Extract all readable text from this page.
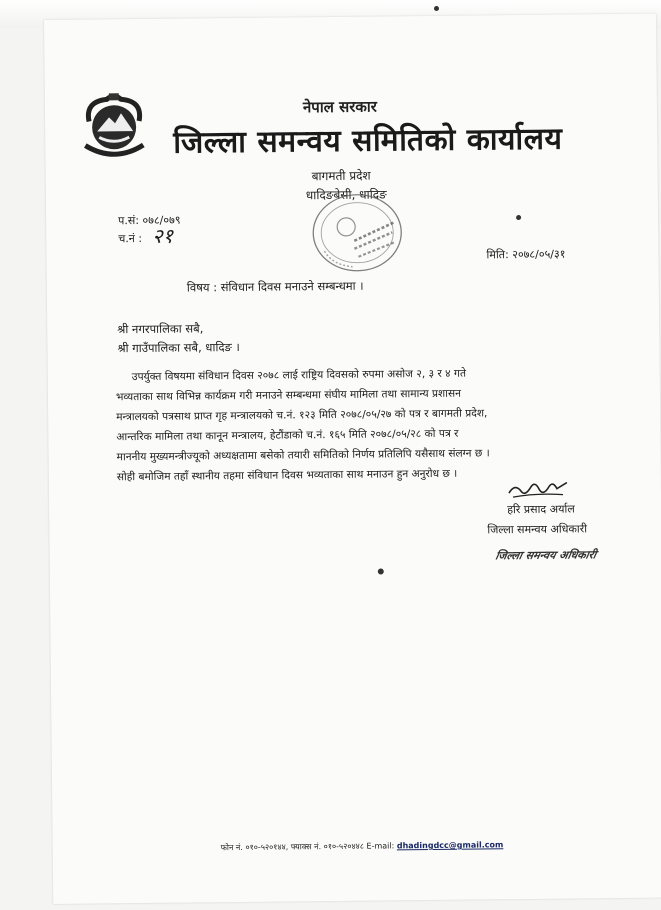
नेपाल सरकार
जिल्ला समन्वय समितिको कार्यालय
बागमती प्रदेश
धादिङबेसी, धादिङ
प.सं: ०७८/०७९
च.नं : २१
मिति: २०७८/०५/३१
विषय : संविधान दिवस मनाउने सम्बन्धमा ।
श्री नगरपालिका सबै,
श्री गाउँपालिका सबै, धादिङ ।
उपर्युक्त विषयमा संविधान दिवस २०७८ लाई राष्ट्रिय दिवसको रुपमा असोज २, ३ र ४ गते
भव्यताका साथ विभिन्न कार्यक्रम गरी मनाउने सम्बन्धमा संघीय मामिला तथा सामान्य प्रशासन
मन्त्रालयको पत्रसाथ प्राप्त गृह मन्त्रालयको च.नं. १२३ मिति २०७८/०५/२७ को पत्र र बागमती प्रदेश,
आन्तरिक मामिला तथा कानून मन्त्रालय, हेटौंडाको च.नं. १६५ मिति २०७८/०५/२८ को पत्र र
माननीय मुख्यमन्त्रीज्यूको अध्यक्षतामा बसेको तयारी समितिको निर्णय प्रतिलिपि यसैसाथ संलग्न छ ।
सोही बमोजिम तहाँ स्थानीय तहमा संविधान दिवस भव्यताका साथ मनाउन हुन अनुरोध छ ।
हरि प्रसाद अर्याल
जिल्ला समन्वय अधिकारी
जिल्ला समन्वय अधिकारी
फोन नं. ०१०-५२०१४४, फ्याक्स नं. ०१०-५२०४४८ E-mail: dhadingdcc@gmail.com
